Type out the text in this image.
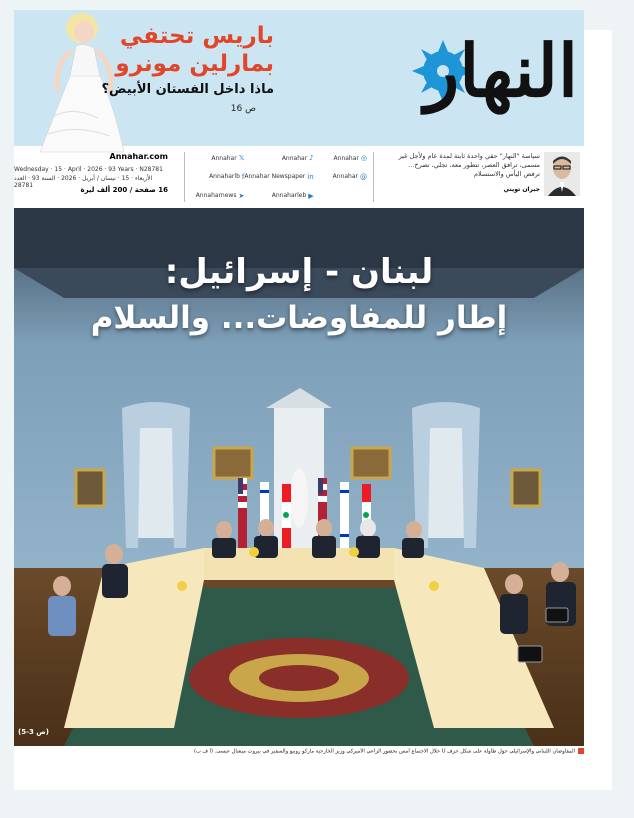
باريس تحتفي
بمارلين مونرو
ماذا داخل الفستان الأبيض؟
ص 16 النهار
Annahar.com
Wednesday · 15 · April · 2026 · 93 Years · N28781
الأربعاء · 15 · نيسان / أبريل · 2026 · السنة 93 · العدد 28781
16 صفحة / 200 ألف ليرة
Annahar 𝕏	Annahar ♪	Annahar ◎
Annaharlb f Annahar Newspaper in	Annahar @
Annaharnews ➤	Annaharleb ▶
سياسة "النهار" حقي واحدة ثابتة لمدة عام ولأجل غير مسمى، ترافق العصر، تتطور معه، تجلي، تصرخ... ترفض اليأس والاستسلام
جبران تويني
لبنان - إسرائيل:
إطار للمفاوضات... والسلام
(ص 3-5)
المفاوضان اللبناني والإسرائيلي حول طاولة على شكل حرف U خلال الاجتماع أمس بحضور الراعي الأميركي وزير الخارجية ماركو روبيو والسفير في بيروت ميشال عيسى. (أ ف ب)
